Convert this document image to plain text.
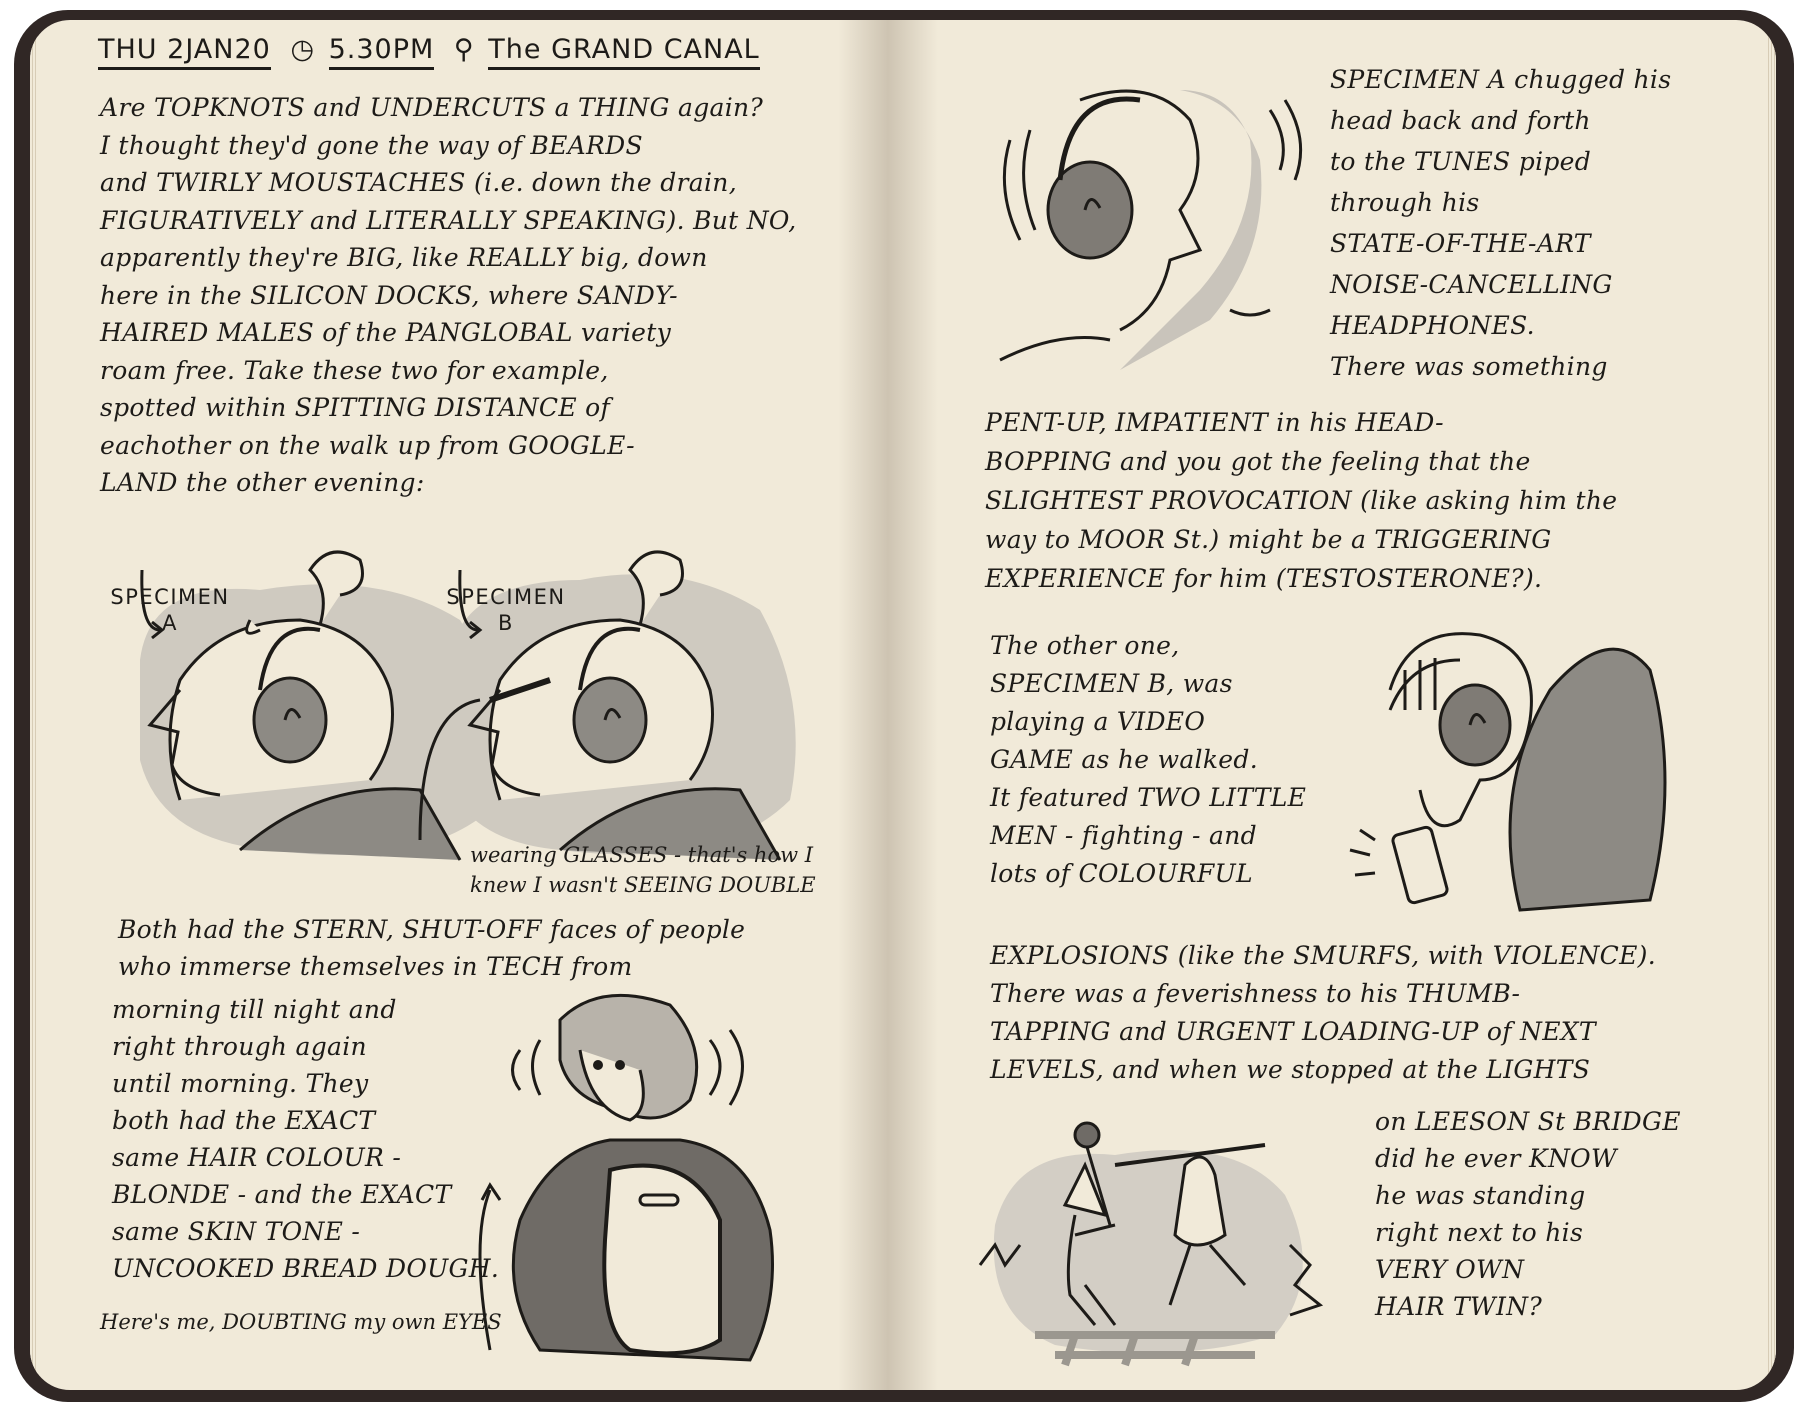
THU 2JAN20 ◷ 5.30PM ⚲ The GRAND CANAL
Are TOPKNOTS and UNDERCUTS a THING again?
I thought they'd gone the way of BEARDS
and TWIRLY MOUSTACHES (i.e. down the drain,
FIGURATIVELY and LITERALLY SPEAKING). But NO,
apparently they're BIG, like REALLY big, down
here in the SILICON DOCKS, where SANDY-
HAIRED MALES of the PANGLOBAL variety
roam free. Take these two for example,
spotted within SPITTING DISTANCE of
eachother on the walk up from GOOGLE-
LAND the other evening:
SPECIMEN
A
SPECIMEN
B
wearing GLASSES - that's how I
knew I wasn't SEEING DOUBLE
Both had the STERN, SHUT-OFF faces of people
who immerse themselves in TECH from
morning till night and
right through again
until morning. They
both had the EXACT
same HAIR COLOUR -
BLONDE - and the EXACT
same SKIN TONE -
UNCOOKED BREAD DOUGH.
Here's me, DOUBTING my own EYES
SPECIMEN A chugged his
head back and forth
to the TUNES piped
through his
STATE-OF-THE-ART
NOISE-CANCELLING
HEADPHONES.
There was something
PENT-UP, IMPATIENT in his HEAD-
BOPPING and you got the feeling that the
SLIGHTEST PROVOCATION (like asking him the
way to MOOR St.) might be a TRIGGERING
EXPERIENCE for him (TESTOSTERONE?).
The other one,
SPECIMEN B, was
playing a VIDEO
GAME as he walked.
It featured TWO LITTLE
MEN - fighting - and
lots of COLOURFUL
EXPLOSIONS (like the SMURFS, with VIOLENCE).
There was a feverishness to his THUMB-
TAPPING and URGENT LOADING-UP of NEXT
LEVELS, and when we stopped at the LIGHTS
on LEESON St BRIDGE
did he ever KNOW
he was standing
right next to his
VERY OWN
HAIR TWIN?
